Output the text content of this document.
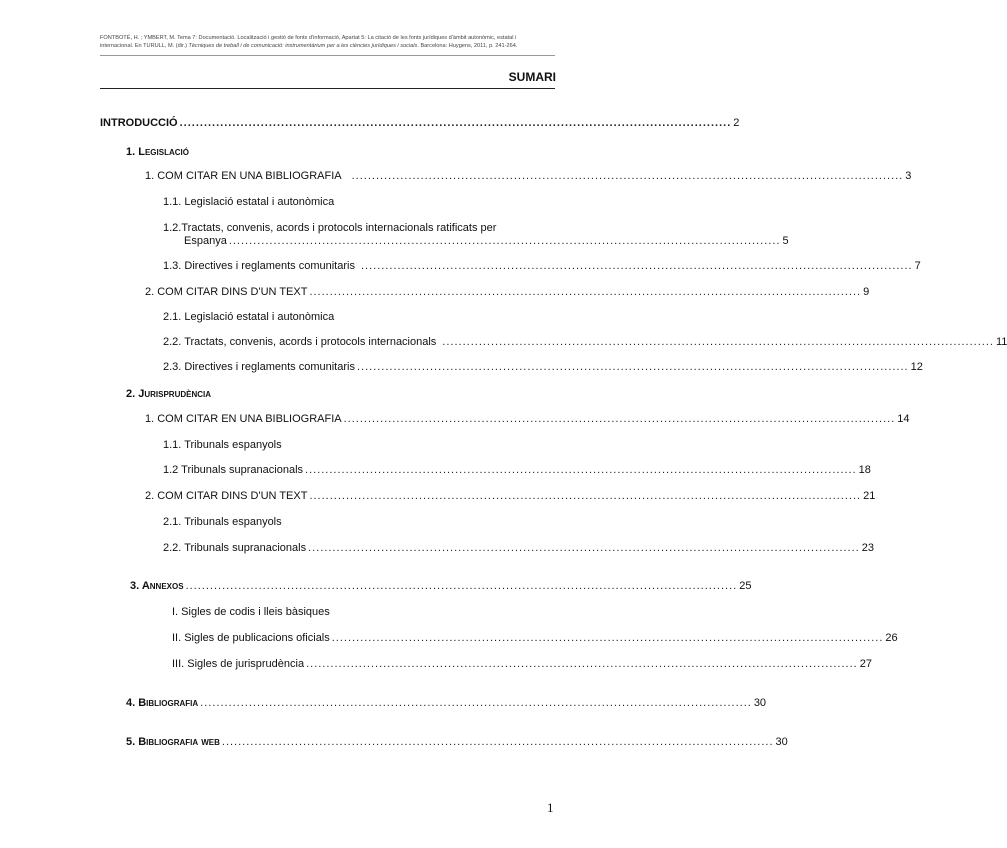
FONTBOTÉ, H. ; YMBERT, M. Tema 7: Documentació. Localització i gestió de fonts d'informació, Apartat 5: La citació de les fonts jurídiques d'àmbit autonòmic, estatal i
internacional. En TURULL, M. (dir.) Tècniques de treball i de comunicació: instrumentàrium per a les ciències jurídiques i socials. Barcelona: Huygens, 2011, p. 241-264.
SUMARI
INTRODUCCIÓ ........................................................................................................................................ 2
1. Legislació
1. COM CITAR EN UNA BIBLIOGRAFIA ........................................................................................................................................ 3
1.1. Legislació estatal i autonòmica
1.2.Tractats, convenis, acords i protocols internacionals ratificats per
Espanya ........................................................................................................................................ 5
1.3. Directives i reglaments comunitaris ........................................................................................................................................ 7
2. COM CITAR DINS D'UN TEXT ........................................................................................................................................ 9
2.1. Legislació estatal i autonòmica
2.2. Tractats, convenis, acords i protocols internacionals ........................................................................................................................................ 11
2.3. Directives i reglaments comunitaris ........................................................................................................................................ 12
2. Jurisprudència
1. COM CITAR EN UNA BIBLIOGRAFIA ........................................................................................................................................ 14
1.1. Tribunals espanyols
1.2 Tribunals supranacionals ........................................................................................................................................ 18
2. COM CITAR DINS D'UN TEXT ........................................................................................................................................ 21
2.1. Tribunals espanyols
2.2. Tribunals supranacionals ........................................................................................................................................ 23
3. Annexos ........................................................................................................................................ 25
I. Sigles de codis i lleis bàsiques
II. Sigles de publicacions oficials ........................................................................................................................................ 26
III. Sigles de jurisprudència ........................................................................................................................................ 27
4. Bibliografia ........................................................................................................................................ 30
5. Bibliografia web ........................................................................................................................................ 30
1
